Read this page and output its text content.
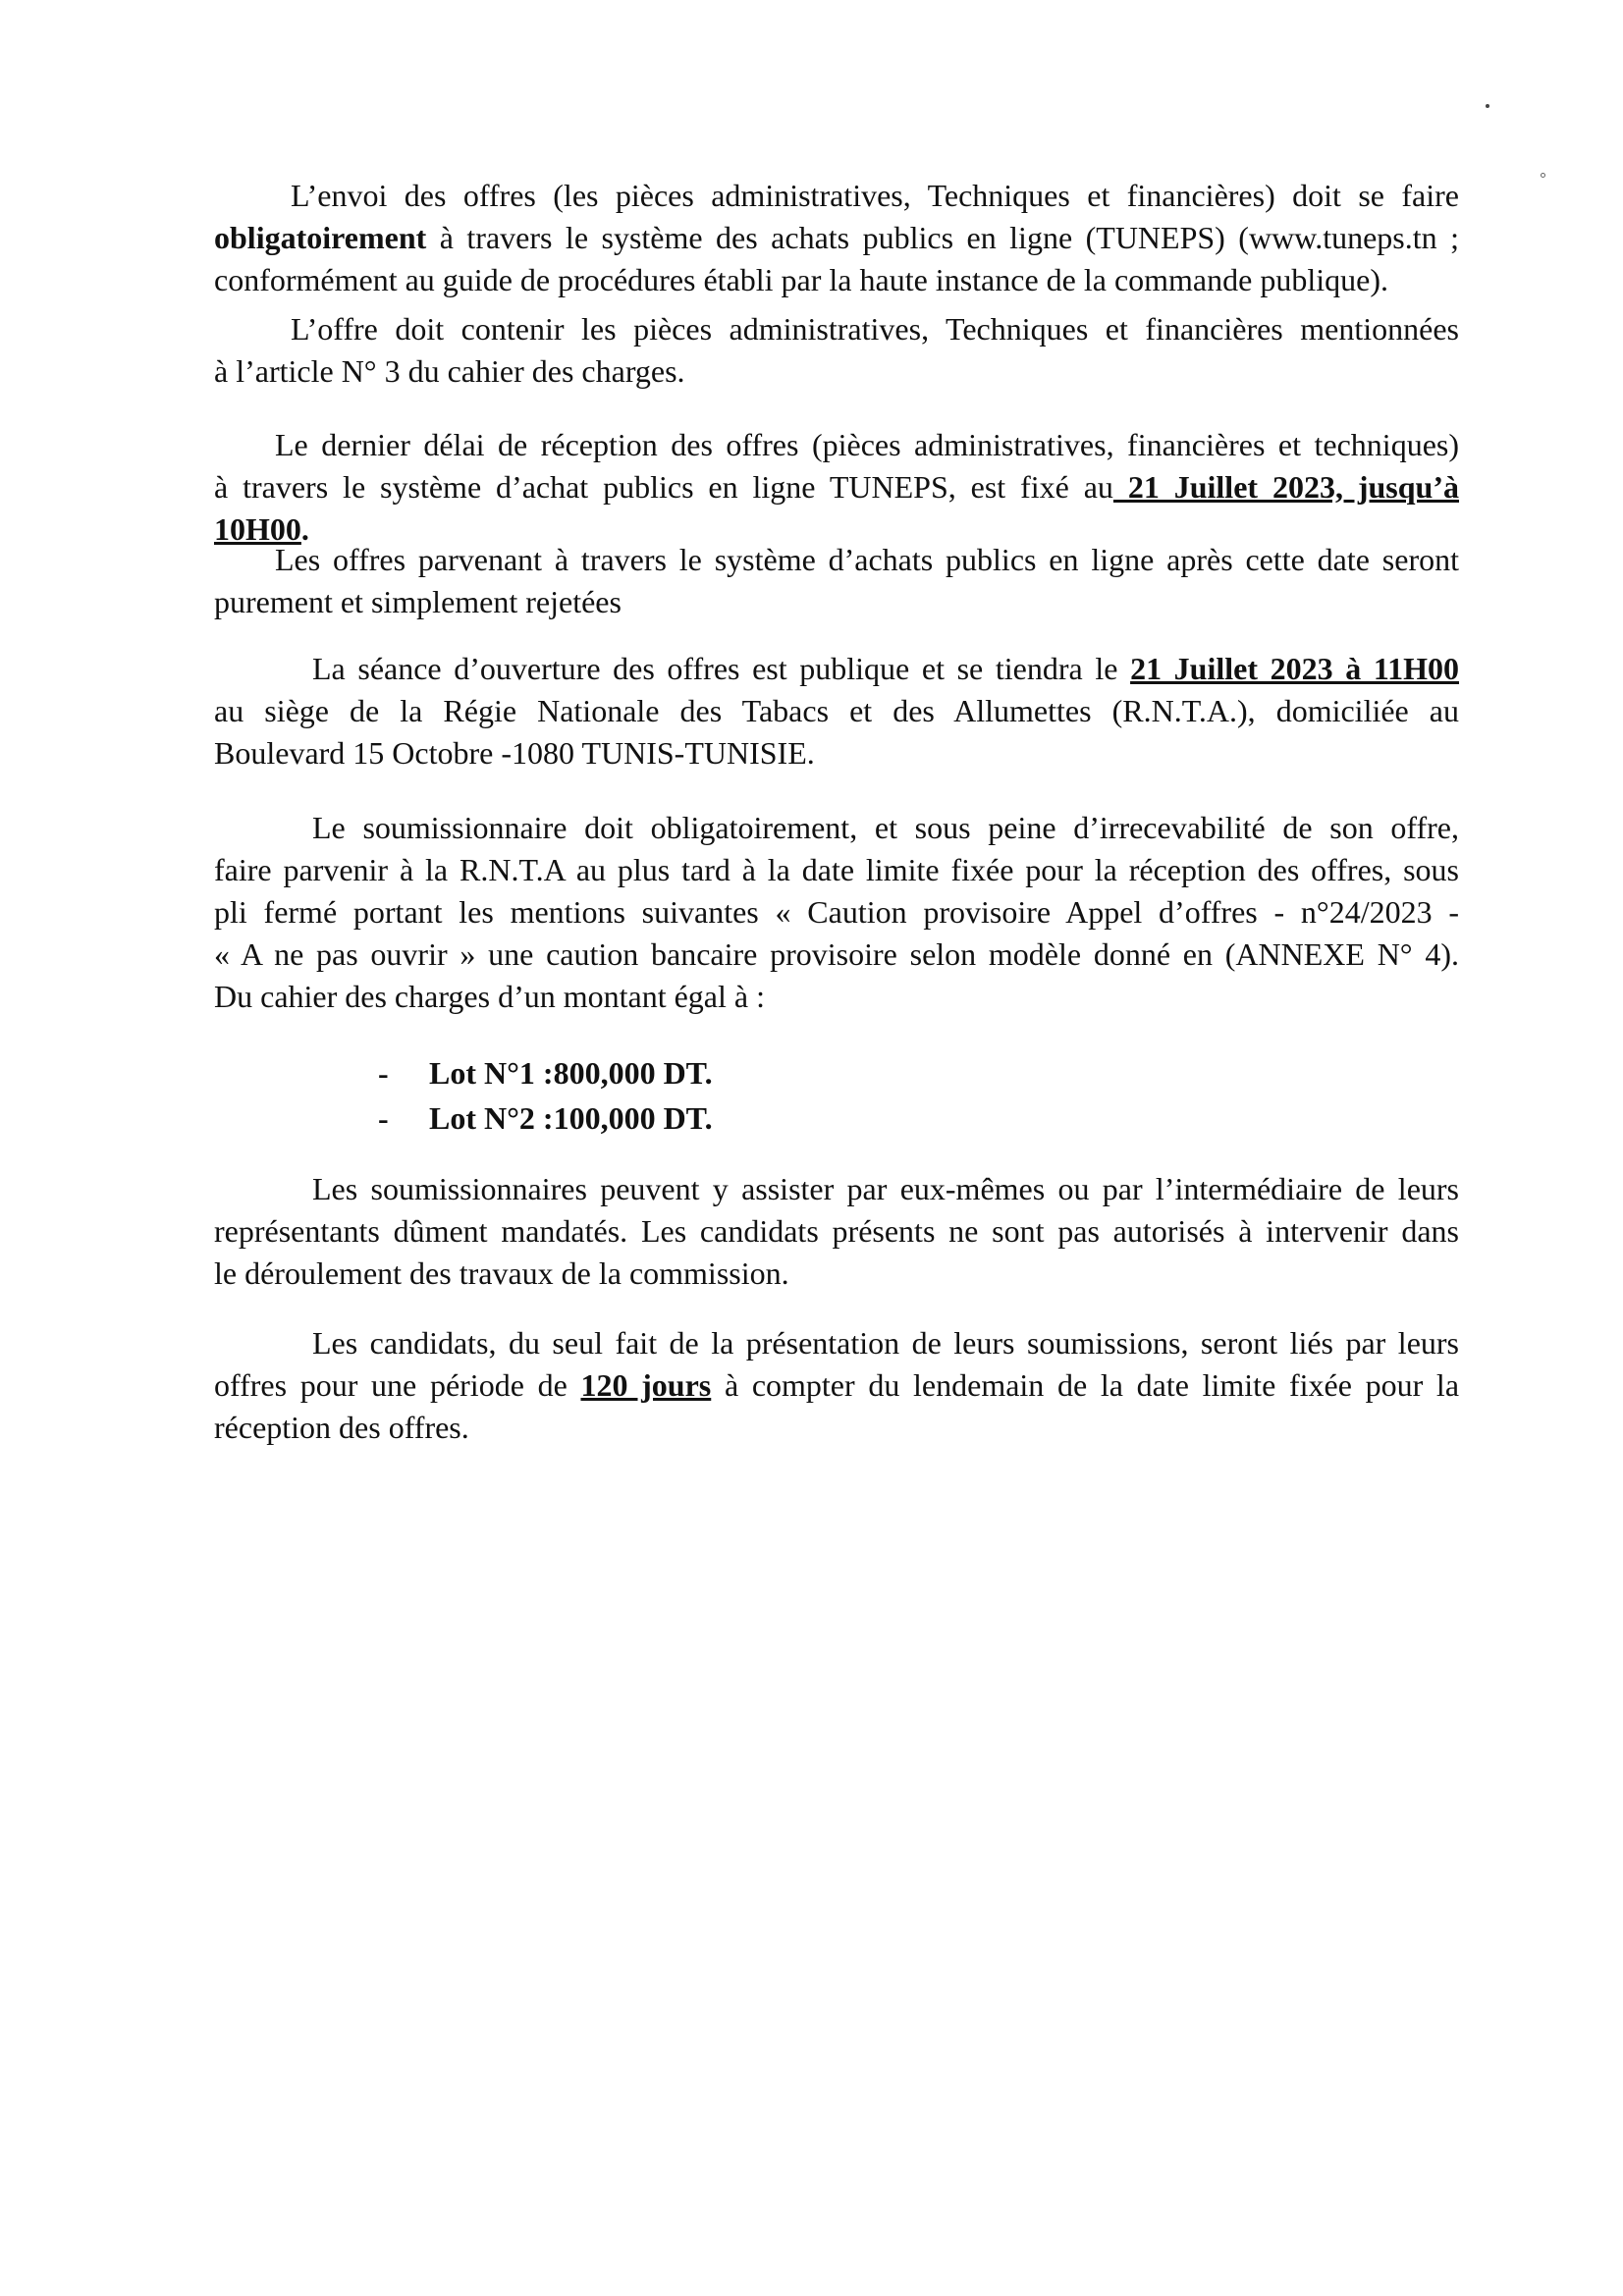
L’envoi des offres (les pièces administratives, Techniques et financières) doit se faire
obligatoirement à travers le système des achats publics en ligne (TUNEPS) (www.tuneps.tn ;
conformément au guide de procédures établi par la haute instance de la commande publique).
L’offre doit contenir les pièces administratives, Techniques et financières mentionnées
à l’article N° 3 du cahier des charges.
Le dernier délai de réception des offres (pièces administratives, financières et techniques)
à travers le système d’achat publics en ligne TUNEPS, est fixé au 21 Juillet 2023, jusqu’à
10H00.
Les offres parvenant à travers le système d’achats publics en ligne après cette date seront
purement et simplement rejetées
La séance d’ouverture des offres est publique et se tiendra le 21 Juillet 2023 à 11H00
au siège de la Régie Nationale des Tabacs et des Allumettes (R.N.T.A.), domiciliée au
Boulevard 15 Octobre -1080 TUNIS-TUNISIE.
Le soumissionnaire doit obligatoirement, et sous peine d’irrecevabilité de son offre,
faire parvenir à la R.N.T.A au plus tard à la date limite fixée pour la réception des offres, sous
pli fermé portant les mentions suivantes « Caution provisoire Appel d’offres - n°24/2023 -
« A ne pas ouvrir » une caution bancaire provisoire selon modèle donné en (ANNEXE N° 4).
Du cahier des charges d’un montant égal à :
- Lot N°1 :800,000 DT.
- Lot N°2 :100,000 DT.
Les soumissionnaires peuvent y assister par eux-mêmes ou par l’intermédiaire de leurs
représentants dûment mandatés. Les candidats présents ne sont pas autorisés à intervenir dans
le déroulement des travaux de la commission.
Les candidats, du seul fait de la présentation de leurs soumissions, seront liés par leurs
offres pour une période de 120 jours à compter du lendemain de la date limite fixée pour la
réception des offres.
